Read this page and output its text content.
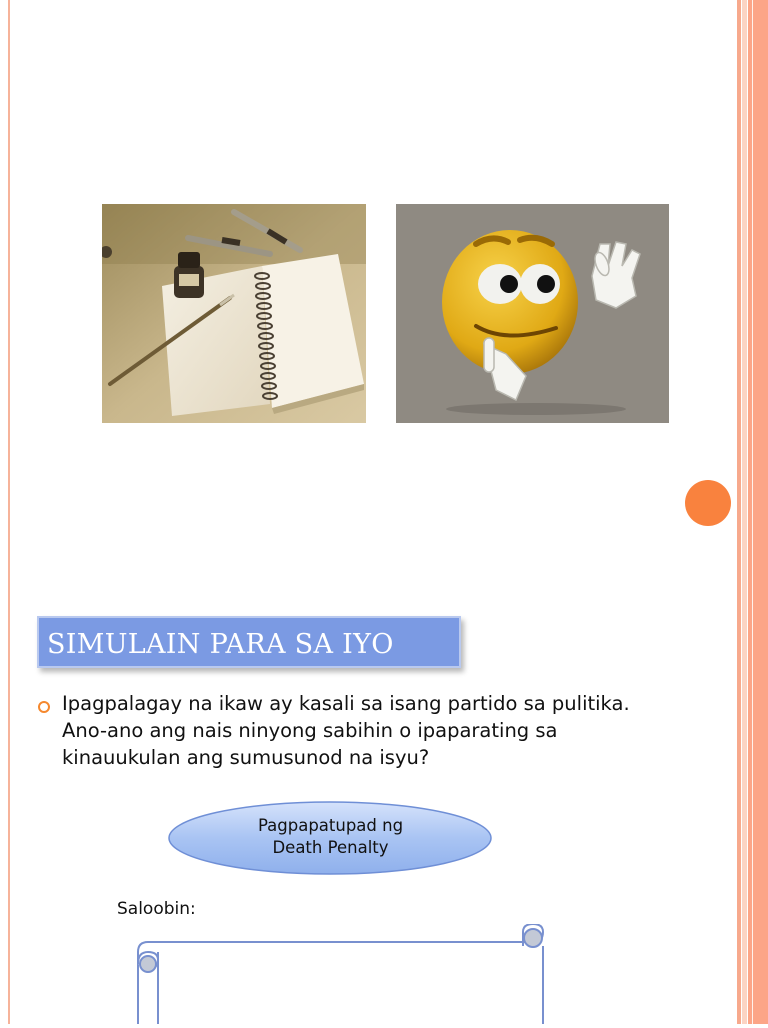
SIMULAIN PARA SA IYO
Ipagpalagay na ikaw ay kasali sa isang partido sa pulitika.
Ano-ano ang nais ninyong sabihin o ipaparating sa
kinauukulan ang sumusunod na isyu?
Pagpapatupad ng
Death Penalty
Saloobin:
